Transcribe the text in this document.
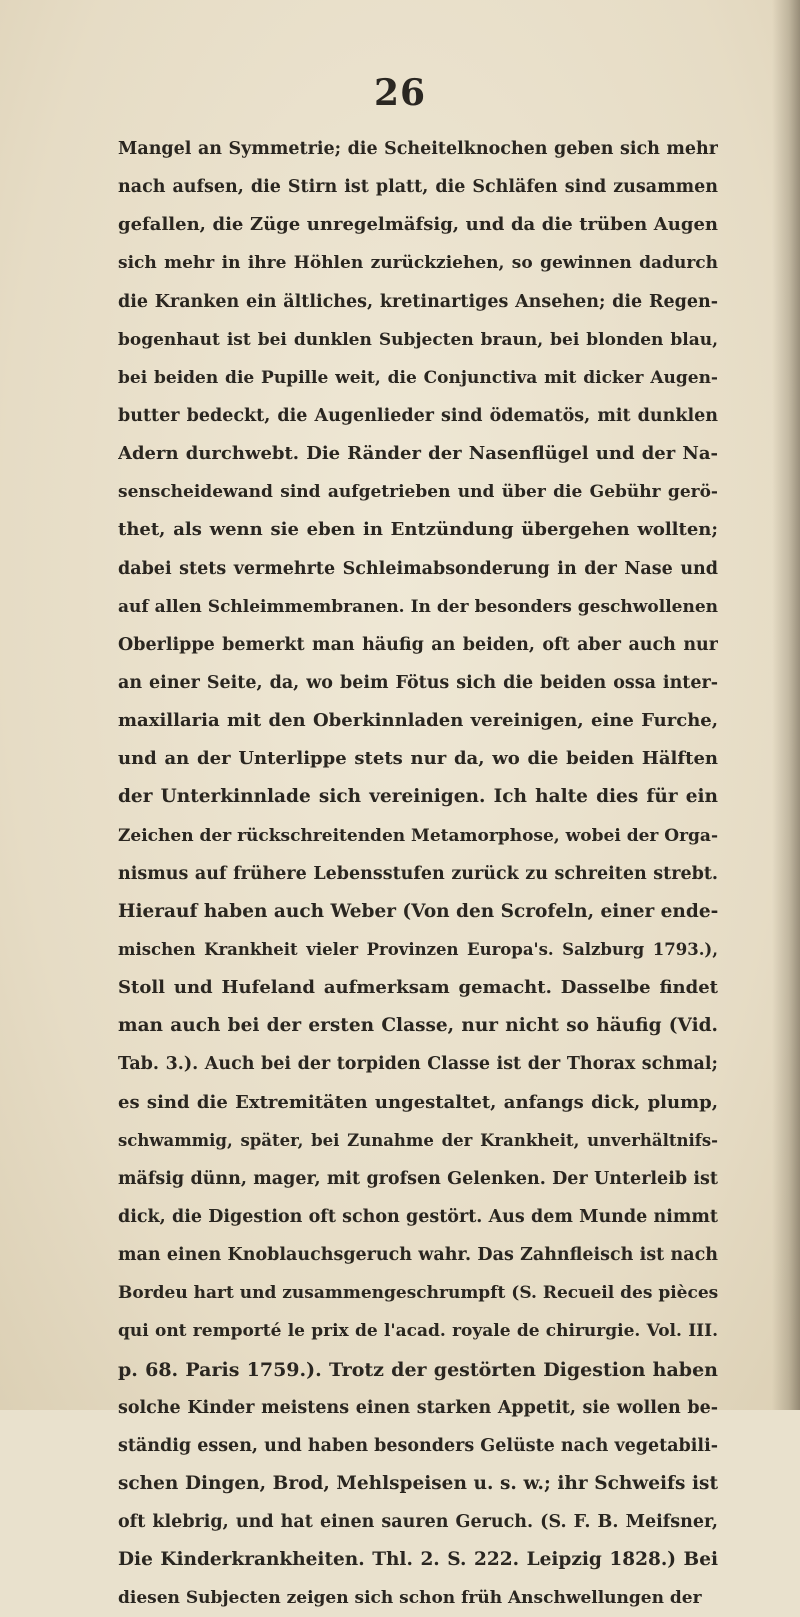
26
Mangel an Symmetrie; die Scheitelknochen geben sich mehr
nach aufsen, die Stirn ist platt, die Schläfen sind zusammen
gefallen, die Züge unregelmäfsig, und da die trüben Augen
sich mehr in ihre Höhlen zurückziehen, so gewinnen dadurch
die Kranken ein ältliches, kretinartiges Ansehen; die Regen-
bogenhaut ist bei dunklen Subjecten braun, bei blonden blau,
bei beiden die Pupille weit, die Conjunctiva mit dicker Augen-
butter bedeckt, die Augenlieder sind ödematös, mit dunklen
Adern durchwebt. Die Ränder der Nasenflügel und der Na-
senscheidewand sind aufgetrieben und über die Gebühr gerö-
thet, als wenn sie eben in Entzündung übergehen wollten;
dabei stets vermehrte Schleimabsonderung in der Nase und
auf allen Schleimmembranen. In der besonders geschwollenen
Oberlippe bemerkt man häufig an beiden, oft aber auch nur
an einer Seite, da, wo beim Fötus sich die beiden ossa inter-
maxillaria mit den Oberkinnladen vereinigen, eine Furche,
und an der Unterlippe stets nur da, wo die beiden Hälften
der Unterkinnlade sich vereinigen. Ich halte dies für ein
Zeichen der rückschreitenden Metamorphose, wobei der Orga-
nismus auf frühere Lebensstufen zurück zu schreiten strebt.
Hierauf haben auch Weber (Von den Scrofeln, einer ende-
mischen Krankheit vieler Provinzen Europa's. Salzburg 1793.),
Stoll und Hufeland aufmerksam gemacht. Dasselbe findet
man auch bei der ersten Classe, nur nicht so häufig (Vid.
Tab. 3.). Auch bei der torpiden Classe ist der Thorax schmal;
es sind die Extremitäten ungestaltet, anfangs dick, plump,
schwammig, später, bei Zunahme der Krankheit, unverhältnifs-
mäfsig dünn, mager, mit grofsen Gelenken. Der Unterleib ist
dick, die Digestion oft schon gestört. Aus dem Munde nimmt
man einen Knoblauchsgeruch wahr. Das Zahnfleisch ist nach
Bordeu hart und zusammengeschrumpft (S. Recueil des pièces
qui ont remporté le prix de l'acad. royale de chirurgie. Vol. III.
p. 68. Paris 1759.). Trotz der gestörten Digestion haben
solche Kinder meistens einen starken Appetit, sie wollen be-
ständig essen, und haben besonders Gelüste nach vegetabili-
schen Dingen, Brod, Mehlspeisen u. s. w.; ihr Schweifs ist
oft klebrig, und hat einen sauren Geruch. (S. F. B. Meifsner,
Die Kinderkrankheiten. Thl. 2. S. 222. Leipzig 1828.) Bei
diesen Subjecten zeigen sich schon früh Anschwellungen der
